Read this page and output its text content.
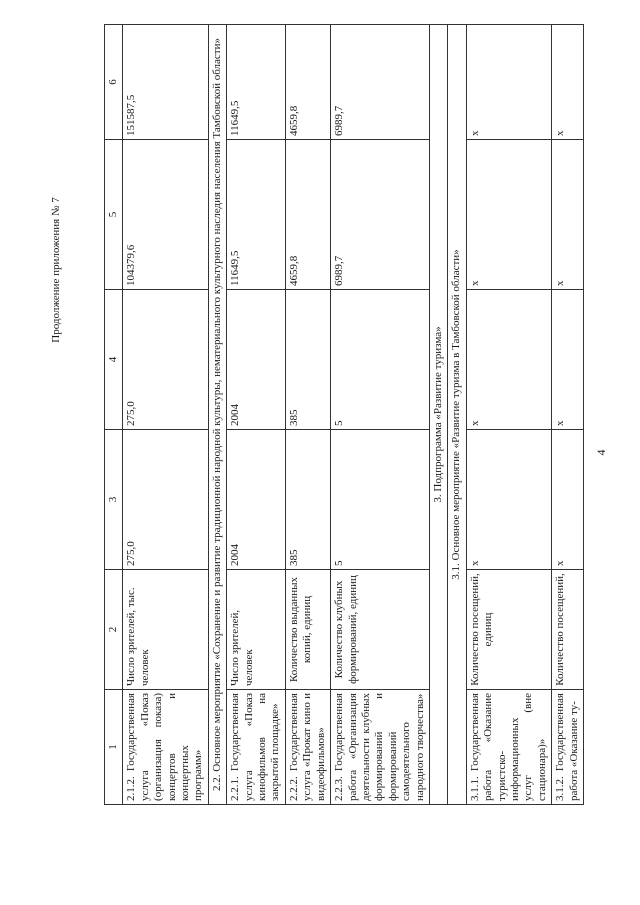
Продолжение приложения № 7
1	2	3	4	5	6
2.1.2. Государственная услуга «Показ (организация показа) концертов и концертных программ»	Число зрителей, тыс. человек	275,0	275,0	104379,6	151587,5
2.2. Основное мероприятие «Сохранение и развитие традиционной народной культуры, нематериального культурного наследия населения Тамбовской области»					
2.2.1. Государственная услуга «Показ кинофильмов на закрытой площадке»	Число зрителей, человек	2004	2004	11649,5	11649,5
2.2.2. Государственная услуга «Прокат кино и видеофильмов»	Количество выданных копий, единиц	385	385	4659,8	4659,8
2.2.3. Государственная работа «Организация деятельности клубных формирований и формирований самодеятельного народного творчества»	Количество клубных формирований, единиц	5	5	6989,7	6989,7
3. Подпрограмма «Развитие туризма»					
3.1. Основное мероприятие «Развитие туризма в Тамбовской области»					
3.1.1. Государственная работа «Оказание туристско-информационных услуг (вне стационара)»	Количество посещений, единиц	х	х	х	х
3.1.2. Государственная работа «Оказание ту-	Количество посещений,	х	х	х	х
4
